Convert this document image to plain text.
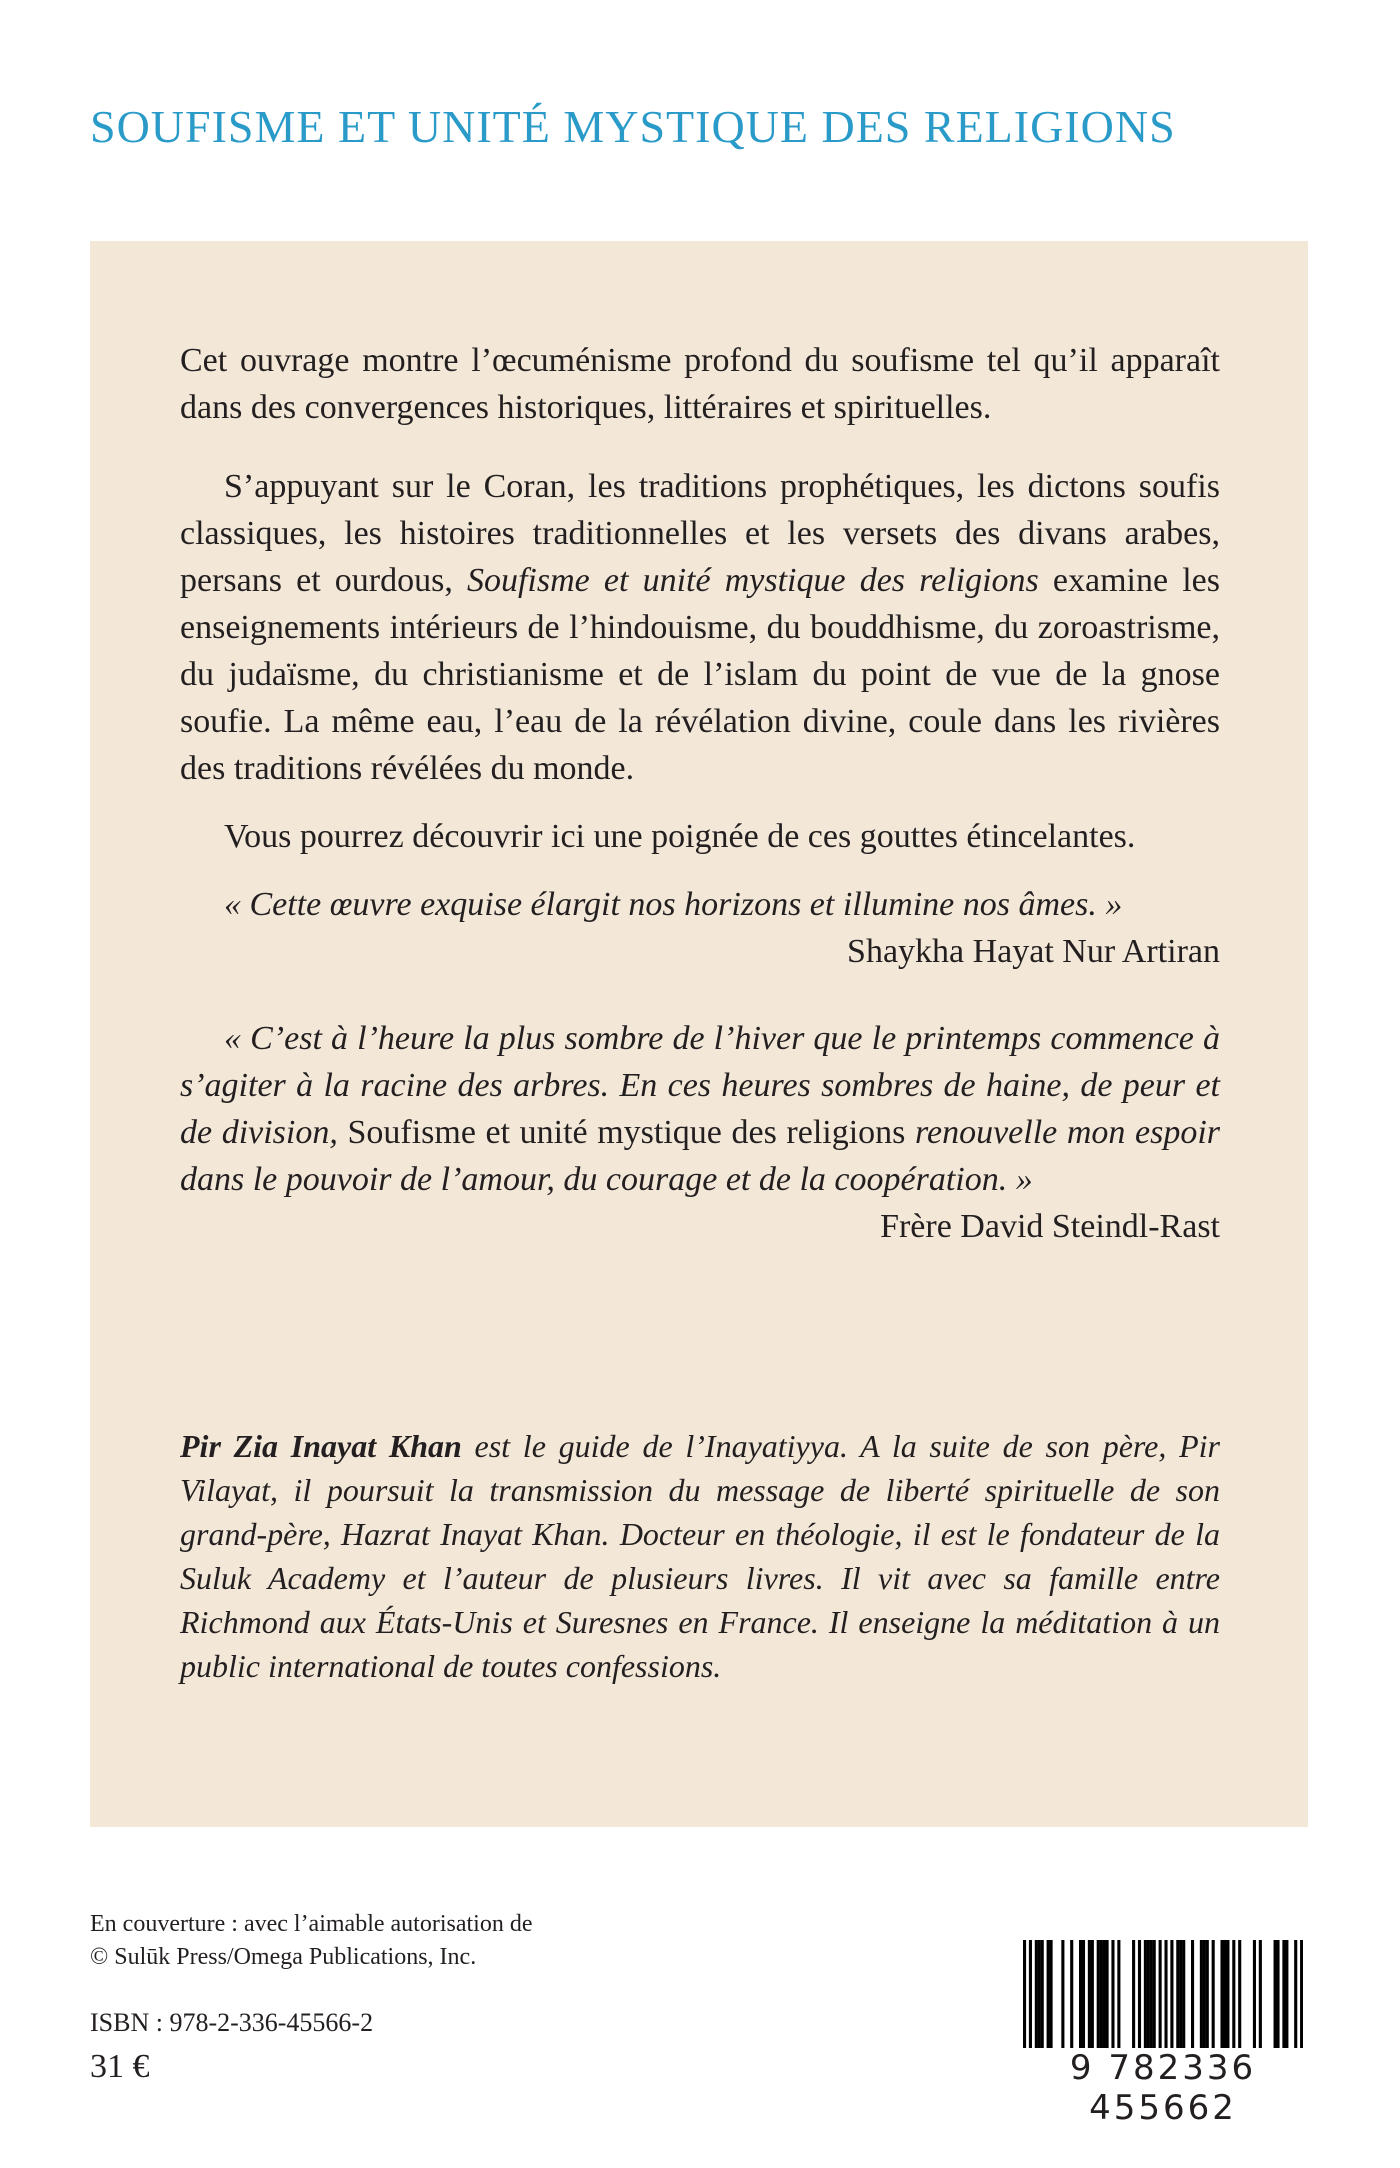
SOUFISME ET UNITÉ MYSTIQUE DES RELIGIONS

Cet ouvrage montre l’œcuménisme profond du soufisme tel qu’il apparaît dans des convergences historiques, littéraires et spirituelles.

S’appuyant sur le Coran, les traditions prophétiques, les dictons soufis classiques, les histoires traditionnelles et les versets des divans arabes, persans et ourdous, Soufisme et unité mystique des religions examine les enseignements intérieurs de l’hindouisme, du bouddhisme, du zoroastrisme, du judaïsme, du christianisme et de l’islam du point de vue de la gnose soufie. La même eau, l’eau de la révélation divine, coule dans les rivières des traditions révélées du monde.

Vous pourrez découvrir ici une poignée de ces gouttes étincelantes.

« Cette œuvre exquise élargit nos horizons et illumine nos âmes. »

Shaykha Hayat Nur Artiran

« C’est à l’heure la plus sombre de l’hiver que le printemps commence à s’agiter à la racine des arbres. En ces heures sombres de haine, de peur et de division, Soufisme et unité mystique des religions renouvelle mon espoir dans le pouvoir de l’amour, du courage et de la coopération. »

Frère David Steindl-Rast

Pir Zia Inayat Khan est le guide de l’Inayatiyya. A la suite de son père, Pir Vilayat, il poursuit la transmission du message de liberté spirituelle de son grand-père, Hazrat Inayat Khan. Docteur en théologie, il est le fondateur de la Suluk Academy et l’auteur de plusieurs livres. Il vit avec sa famille entre Richmond aux États-Unis et Suresnes en France. Il enseigne la méditation à un public international de toutes confessions.

En couverture : avec l’aimable autorisation de
© Sulūk Press/Omega Publications, Inc.
ISBN : 978-2-336-45566-2
31 €	9 782336 455662
